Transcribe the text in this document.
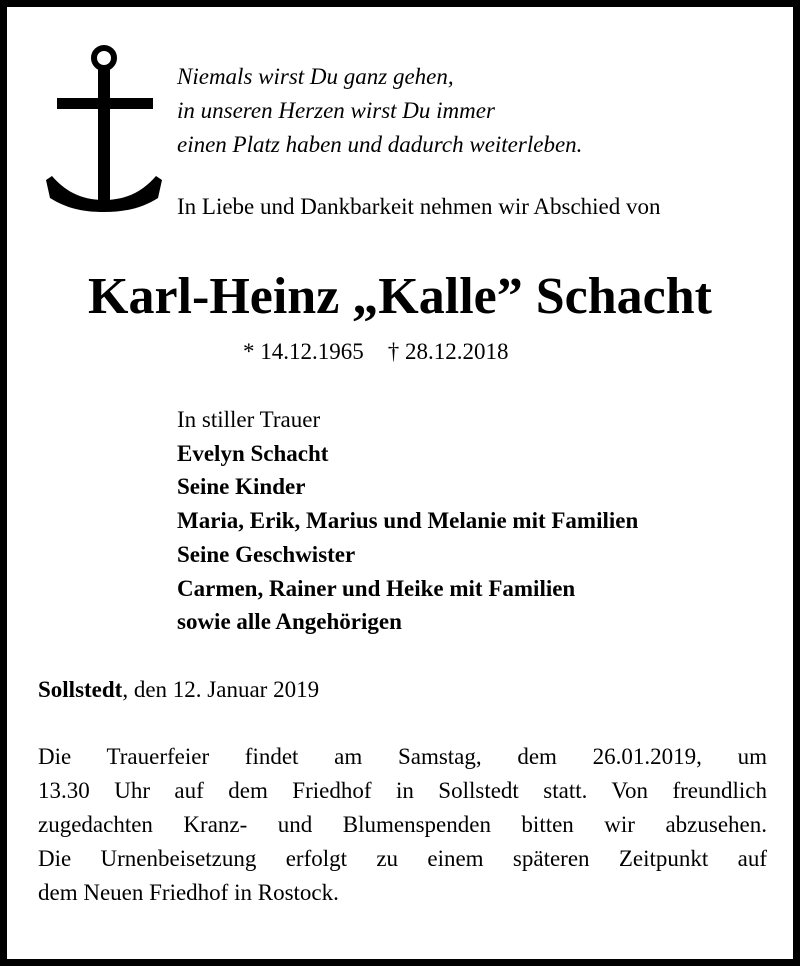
Niemals wirst Du ganz gehen,
in unseren Herzen wirst Du immer
einen Platz haben und dadurch weiterleben.
In Liebe und Dankbarkeit nehmen wir Abschied von
Karl-Heinz „Kalle” Schacht
* 14.12.1965 † 28.12.2018
In stiller Trauer
Evelyn Schacht
Seine Kinder
Maria, Erik, Marius und Melanie mit Familien
Seine Geschwister
Carmen, Rainer und Heike mit Familien
sowie alle Angehörigen
Sollstedt, den 12. Januar 2019
Die Trauerfeier findet am Samstag, dem 26.01.2019, um
13.30 Uhr auf dem Friedhof in Sollstedt statt. Von freundlich
zugedachten Kranz- und Blumenspenden bitten wir abzusehen.
Die Urnenbeisetzung erfolgt zu einem späteren Zeitpunkt auf
dem Neuen Friedhof in Rostock.
